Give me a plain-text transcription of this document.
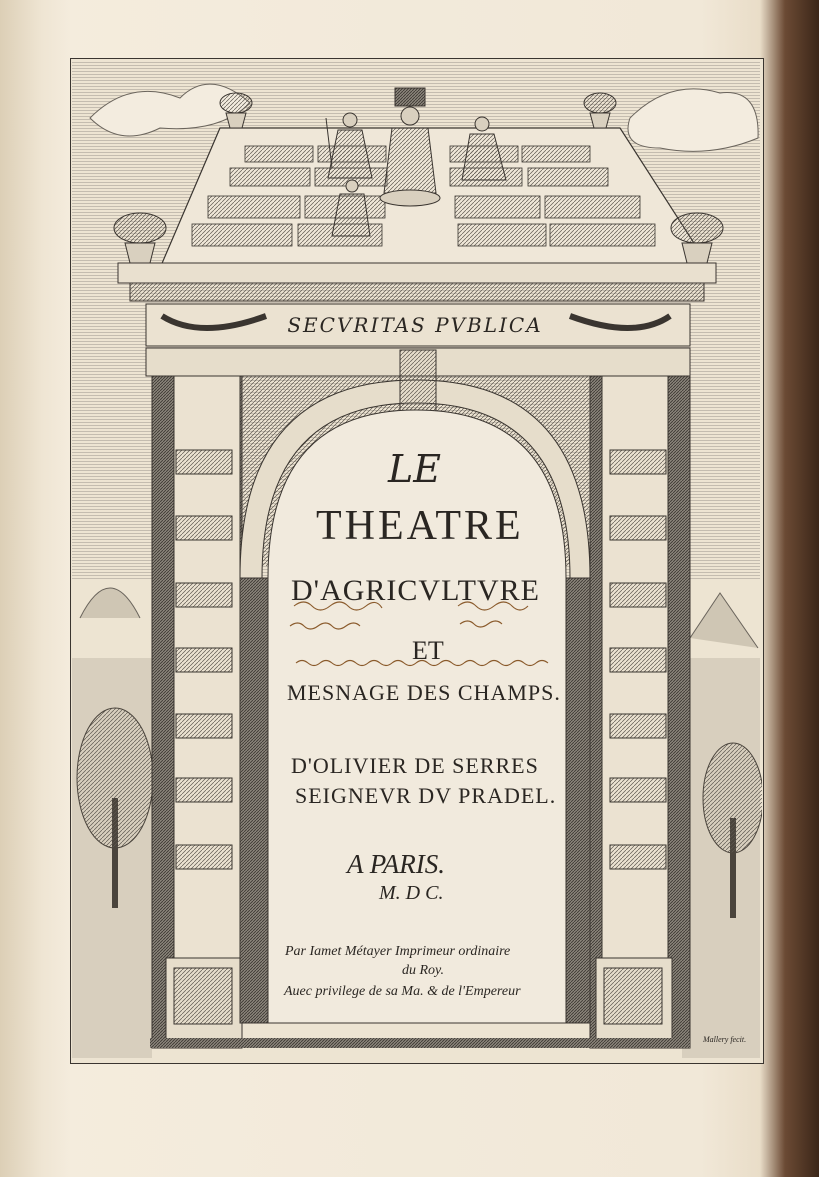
SECVRITAS PVBLICA
LE
THEATRE
D'AGRICVLTVRE
ET
MESNAGE DES CHAMPS.
D'OLIVIER DE SERRES
SEIGNEVR DV PRADEL.
A PARIS.
M. D C.
Par Iamet Métayer Imprimeur ordinaire
du Roy.
Auec privilege de sa Ma. & de l'Empereur
Mallery fecit.
